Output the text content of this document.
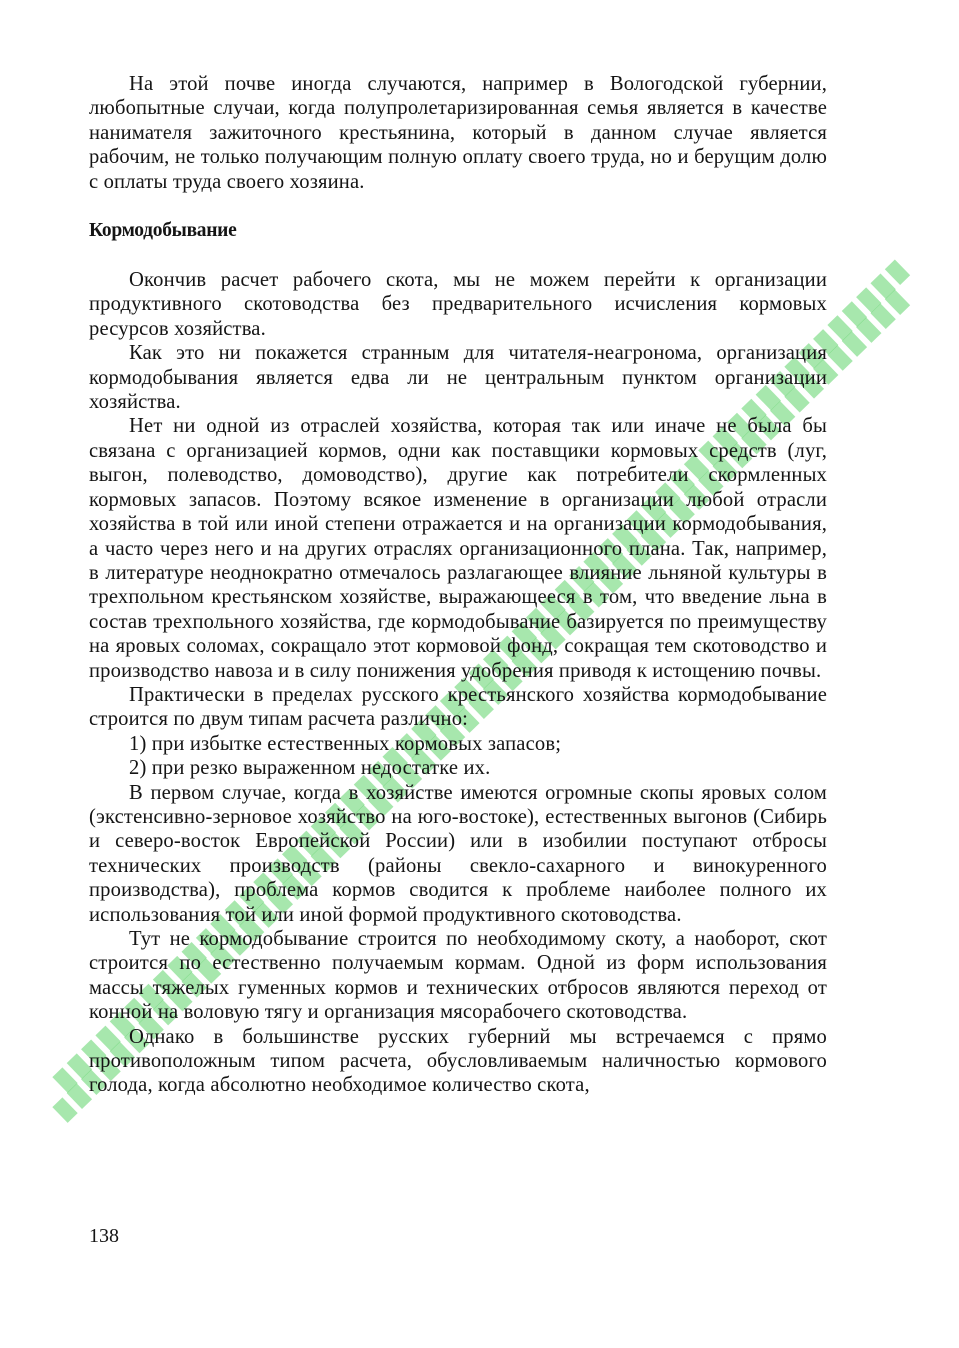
На этой почве иногда случаются, например в Вологодской губернии, любопытные случаи, когда полупролетаризированная семья является в качестве нанимателя зажиточного крестьянина, который в данном случае является рабочим, не только получающим полную оплату своего труда, но и берущим долю с оплаты труда своего хозяина.

Кормодобывание

Окончив расчет рабочего скота, мы не можем перейти к организации продуктивного скотоводства без предварительного исчисления кормовых ресурсов хозяйства.

Как это ни покажется странным для читателя-неагронома, организация кормодобывания является едва ли не центральным пунктом организации хозяйства.

Нет ни одной из отраслей хозяйства, которая так или иначе не была бы связана с организацией кормов, одни как поставщики кормовых средств (луг, выгон, полеводство, домоводство), другие как потребители скормленных кормовых запасов. Поэтому всякое изменение в организации любой отрасли хозяйства в той или иной степени отражается и на организации кормодобывания, а часто через него и на других отраслях организационного плана. Так, например, в литературе неоднократно отмечалось разлагающее влияние льняной культуры в трехпольном крестьянском хозяйстве, выражающееся в том, что введение льна в состав трехпольного хозяйства, где кормодобывание базируется по преимуществу на яровых соломах, сокращало этот кормовой фонд, сокращая тем скотоводство и производство навоза и в силу понижения удобрения приводя к истощению почвы.

Практически в пределах русского крестьянского хозяйства кормодобывание строится по двум типам расчета различно:

1) при избытке естественных кормовых запасов;

2) при резко выраженном недостатке их.

В первом случае, когда в хозяйстве имеются огромные скопы яровых солом (экстенсивно-зерновое хозяйство на юго-востоке), естественных выгонов (Сибирь и северо-восток Европейской России) или в изобилии поступают отбросы технических производств (районы свекло-сахарного и винокуренного производства), проблема кормов сводится к проблеме наиболее полного их использования той или иной формой продуктивного скотоводства.

Тут не кормодобывание строится по необходимому скоту, а наоборот, скот строится по естественно получаемым кормам. Одной из форм использования массы тяжелых гуменных кормов и технических отбросов являются переход от конной на воловую тягу и организация мясорабочего скотоводства.

Однако в большинстве русских губерний мы встречаемся с прямо противоположным типом расчета, обусловливаемым наличностью кормового голода, когда абсолютно необходимое количество скота,

138
